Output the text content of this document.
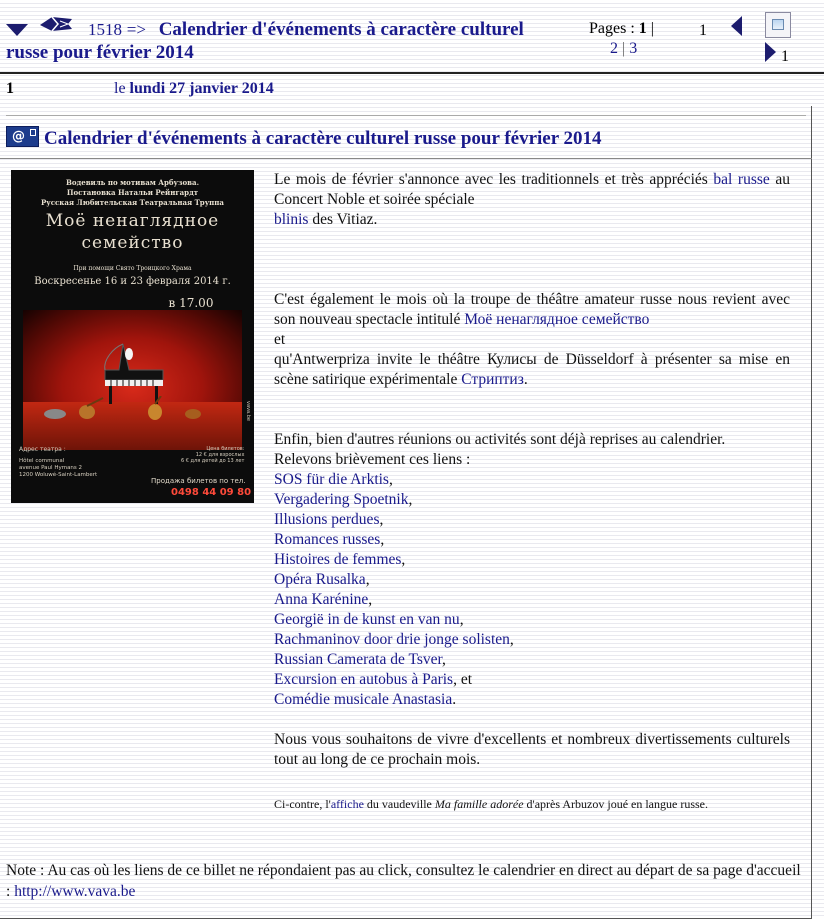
1518 => Calendrier d'événements à caractère culturel
russe pour février 2014
Pages : 1 |
2 | 3
1
1
1	le lundi 27 janvier 2014
@	Calendrier d'événements à caractère culturel russe pour février 2014
Водевиль по мотивам Арбузова.
Постановка Натальи Рейнгардт
Русская Любительская Театральная Труппа
Моё ненаглядное
семейство
При помощи Свято Троицкого Храма
Воскресенье 16 и 23 февраля 2014 г.
в 17.00
Адрес театра :
Hôtel communal
avenue Paul Hymans 2
1200 Woluwé-Saint-Lambert
Цена билетов:
12 € для взрослых
6 € для детей до 13 лет
Продажа билетов по тел.
0498 44 09 80
vava.be

Le mois de février s'annonce avec les traditionnels et très appréciés bal russe au Concert Noble et soirée spéciale
blinis des Vitiaz.

C'est également le mois où la troupe de théâtre amateur russe nous revient avec son nouveau spectacle intitulé Моё ненаглядное семейство
et
qu'Antwerpriza invite le théâtre Кулисы de Düsseldorf à présenter sa mise en scène satirique expérimentale Стриптиз.

Enfin, bien d'autres réunions ou activités sont déjà reprises au calendrier.

Relevons brièvement ces liens :

SOS für die Arktis,
Vergadering Spoetnik,
Illusions perdues,
Romances russes,
Histoires de femmes,
Opéra Rusalka,
Anna Karénine,
Georgië in de kunst en van nu,
Rachmaninov door drie jonge solisten,
Russian Camerata de Tsver,
Excursion en autobus à Paris, et
Comédie musicale Anastasia.

Nous vous souhaitons de vivre d'excellents et nombreux divertissements culturels tout au long de ce prochain mois.

Ci-contre, l'affiche du vaudeville Ma famille adorée d'après Arbuzov joué en langue russe.
Note : Au cas où les liens de ce billet ne répondaient pas au click, consultez le calendrier en direct au départ de sa page d'accueil : http://www.vava.be
